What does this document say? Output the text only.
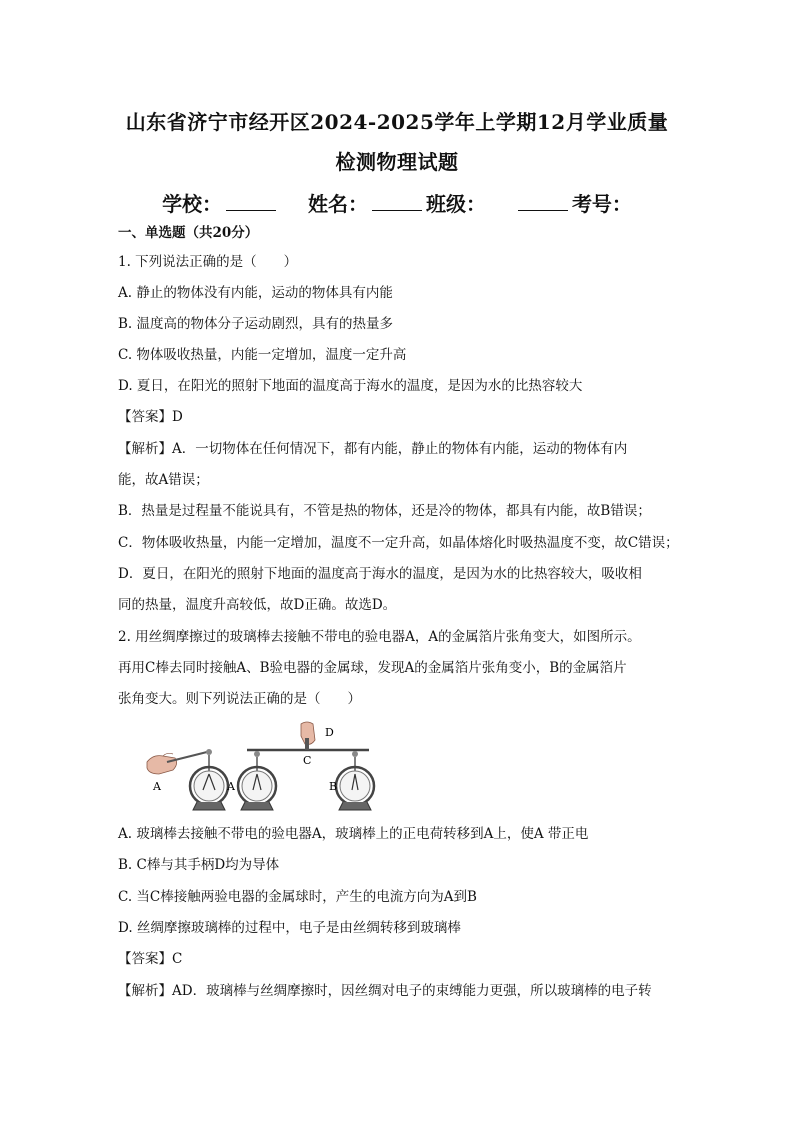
山东省济宁市经开区2024-2025学年上学期12月学业质量
检测物理试题
学校：	姓名：	班级：	考号：
一、单选题（共20分）
1. 下列说法正确的是（　　）
A. 静止的物体没有内能，运动的物体具有内能
B. 温度高的物体分子运动剧烈，具有的热量多
C. 物体吸收热量，内能一定增加，温度一定升高
D. 夏日，在阳光的照射下地面的温度高于海水的温度，是因为水的比热容较大
【答案】D
【解析】A．一切物体在任何情况下，都有内能，静止的物体有内能，运动的物体有内
能，故A错误；
B．热量是过程量不能说具有，不管是热的物体，还是冷的物体，都具有内能，故B错误；
C．物体吸收热量，内能一定增加，温度不一定升高，如晶体熔化时吸热温度不变，故C错误；
D．夏日，在阳光的照射下地面的温度高于海水的温度，是因为水的比热容较大，吸收相
同的热量，温度升高较低，故D正确。故选D。
2. 用丝绸摩擦过的玻璃棒去接触不带电的验电器A，A的金属箔片张角变大，如图所示。
再用C棒去同时接触A、B验电器的金属球，发现A的金属箔片张角变小，B的金属箔片
张角变大。则下列说法正确的是（　　）
A
D
C
A	B
A. 玻璃棒去接触不带电的验电器A，玻璃棒上的正电荷转移到A上，使A 带正电
B. C棒与其手柄D均为导体
C. 当C棒接触两验电器的金属球时，产生的电流方向为A到B
D. 丝绸摩擦玻璃棒的过程中，电子是由丝绸转移到玻璃棒
【答案】C
【解析】AD．玻璃棒与丝绸摩擦时，因丝绸对电子的束缚能力更强，所以玻璃棒的电子转
